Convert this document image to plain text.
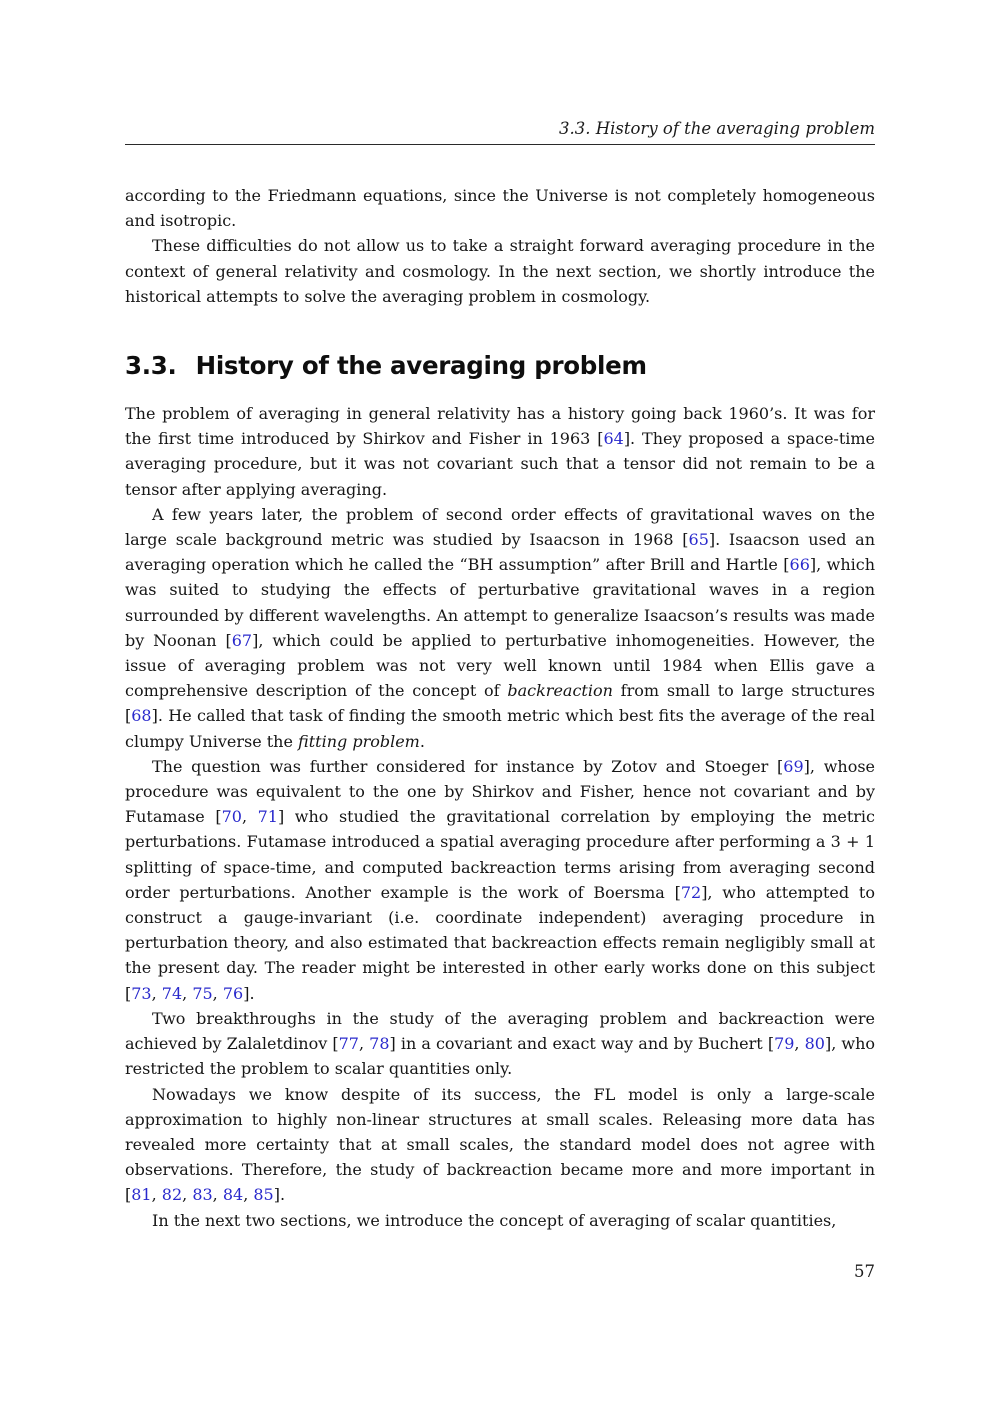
3.3. History of the averaging problem

according to the Friedmann equations, since the Universe is not completely homogeneous and isotropic.

These difficulties do not allow us to take a straight forward averaging procedure in the context of general relativity and cosmology. In the next section, we shortly introduce the historical attempts to solve the averaging problem in cosmology.

3.3. History of the averaging problem

The problem of averaging in general relativity has a history going back 1960’s. It was for the first time introduced by Shirkov and Fisher in 1963 [64]. They proposed a space-time averaging procedure, but it was not covariant such that a tensor did not remain to be a tensor after applying averaging.

A few years later, the problem of second order effects of gravitational waves on the large scale background metric was studied by Isaacson in 1968 [65]. Isaacson used an averaging operation which he called the “BH assumption” after Brill and Hartle [66], which was suited to studying the effects of perturbative gravitational waves in a region surrounded by different wavelengths. An attempt to generalize Isaacson’s results was made by Noonan [67], which could be applied to perturbative inhomogeneities. However, the issue of averaging problem was not very well known until 1984 when Ellis gave a comprehensive description of the concept of backreaction from small to large structures [68]. He called that task of finding the smooth metric which best fits the average of the real clumpy Universe the fitting problem.

The question was further considered for instance by Zotov and Stoeger [69], whose procedure was equivalent to the one by Shirkov and Fisher, hence not covariant and by Futamase [70, 71] who studied the gravitational correlation by employing the metric perturbations. Futamase introduced a spatial averaging procedure after performing a 3 + 1 splitting of space-time, and computed backreaction terms arising from averaging second order perturbations. Another example is the work of Boersma [72], who attempted to construct a gauge-invariant (i.e. coordinate independent) averaging procedure in perturbation theory, and also estimated that backreaction effects remain negligibly small at the present day. The reader might be interested in other early works done on this subject [73, 74, 75, 76].

Two breakthroughs in the study of the averaging problem and backreaction were achieved by Zalaletdinov [77, 78] in a covariant and exact way and by Buchert [79, 80], who restricted the problem to scalar quantities only.

Nowadays we know despite of its success, the FL model is only a large-scale approximation to highly non-linear structures at small scales. Releasing more data has revealed more certainty that at small scales, the standard model does not agree with observations. Therefore, the study of backreaction became more and more important in [81, 82, 83, 84, 85].

In the next two sections, we introduce the concept of averaging of scalar quantities,

57
